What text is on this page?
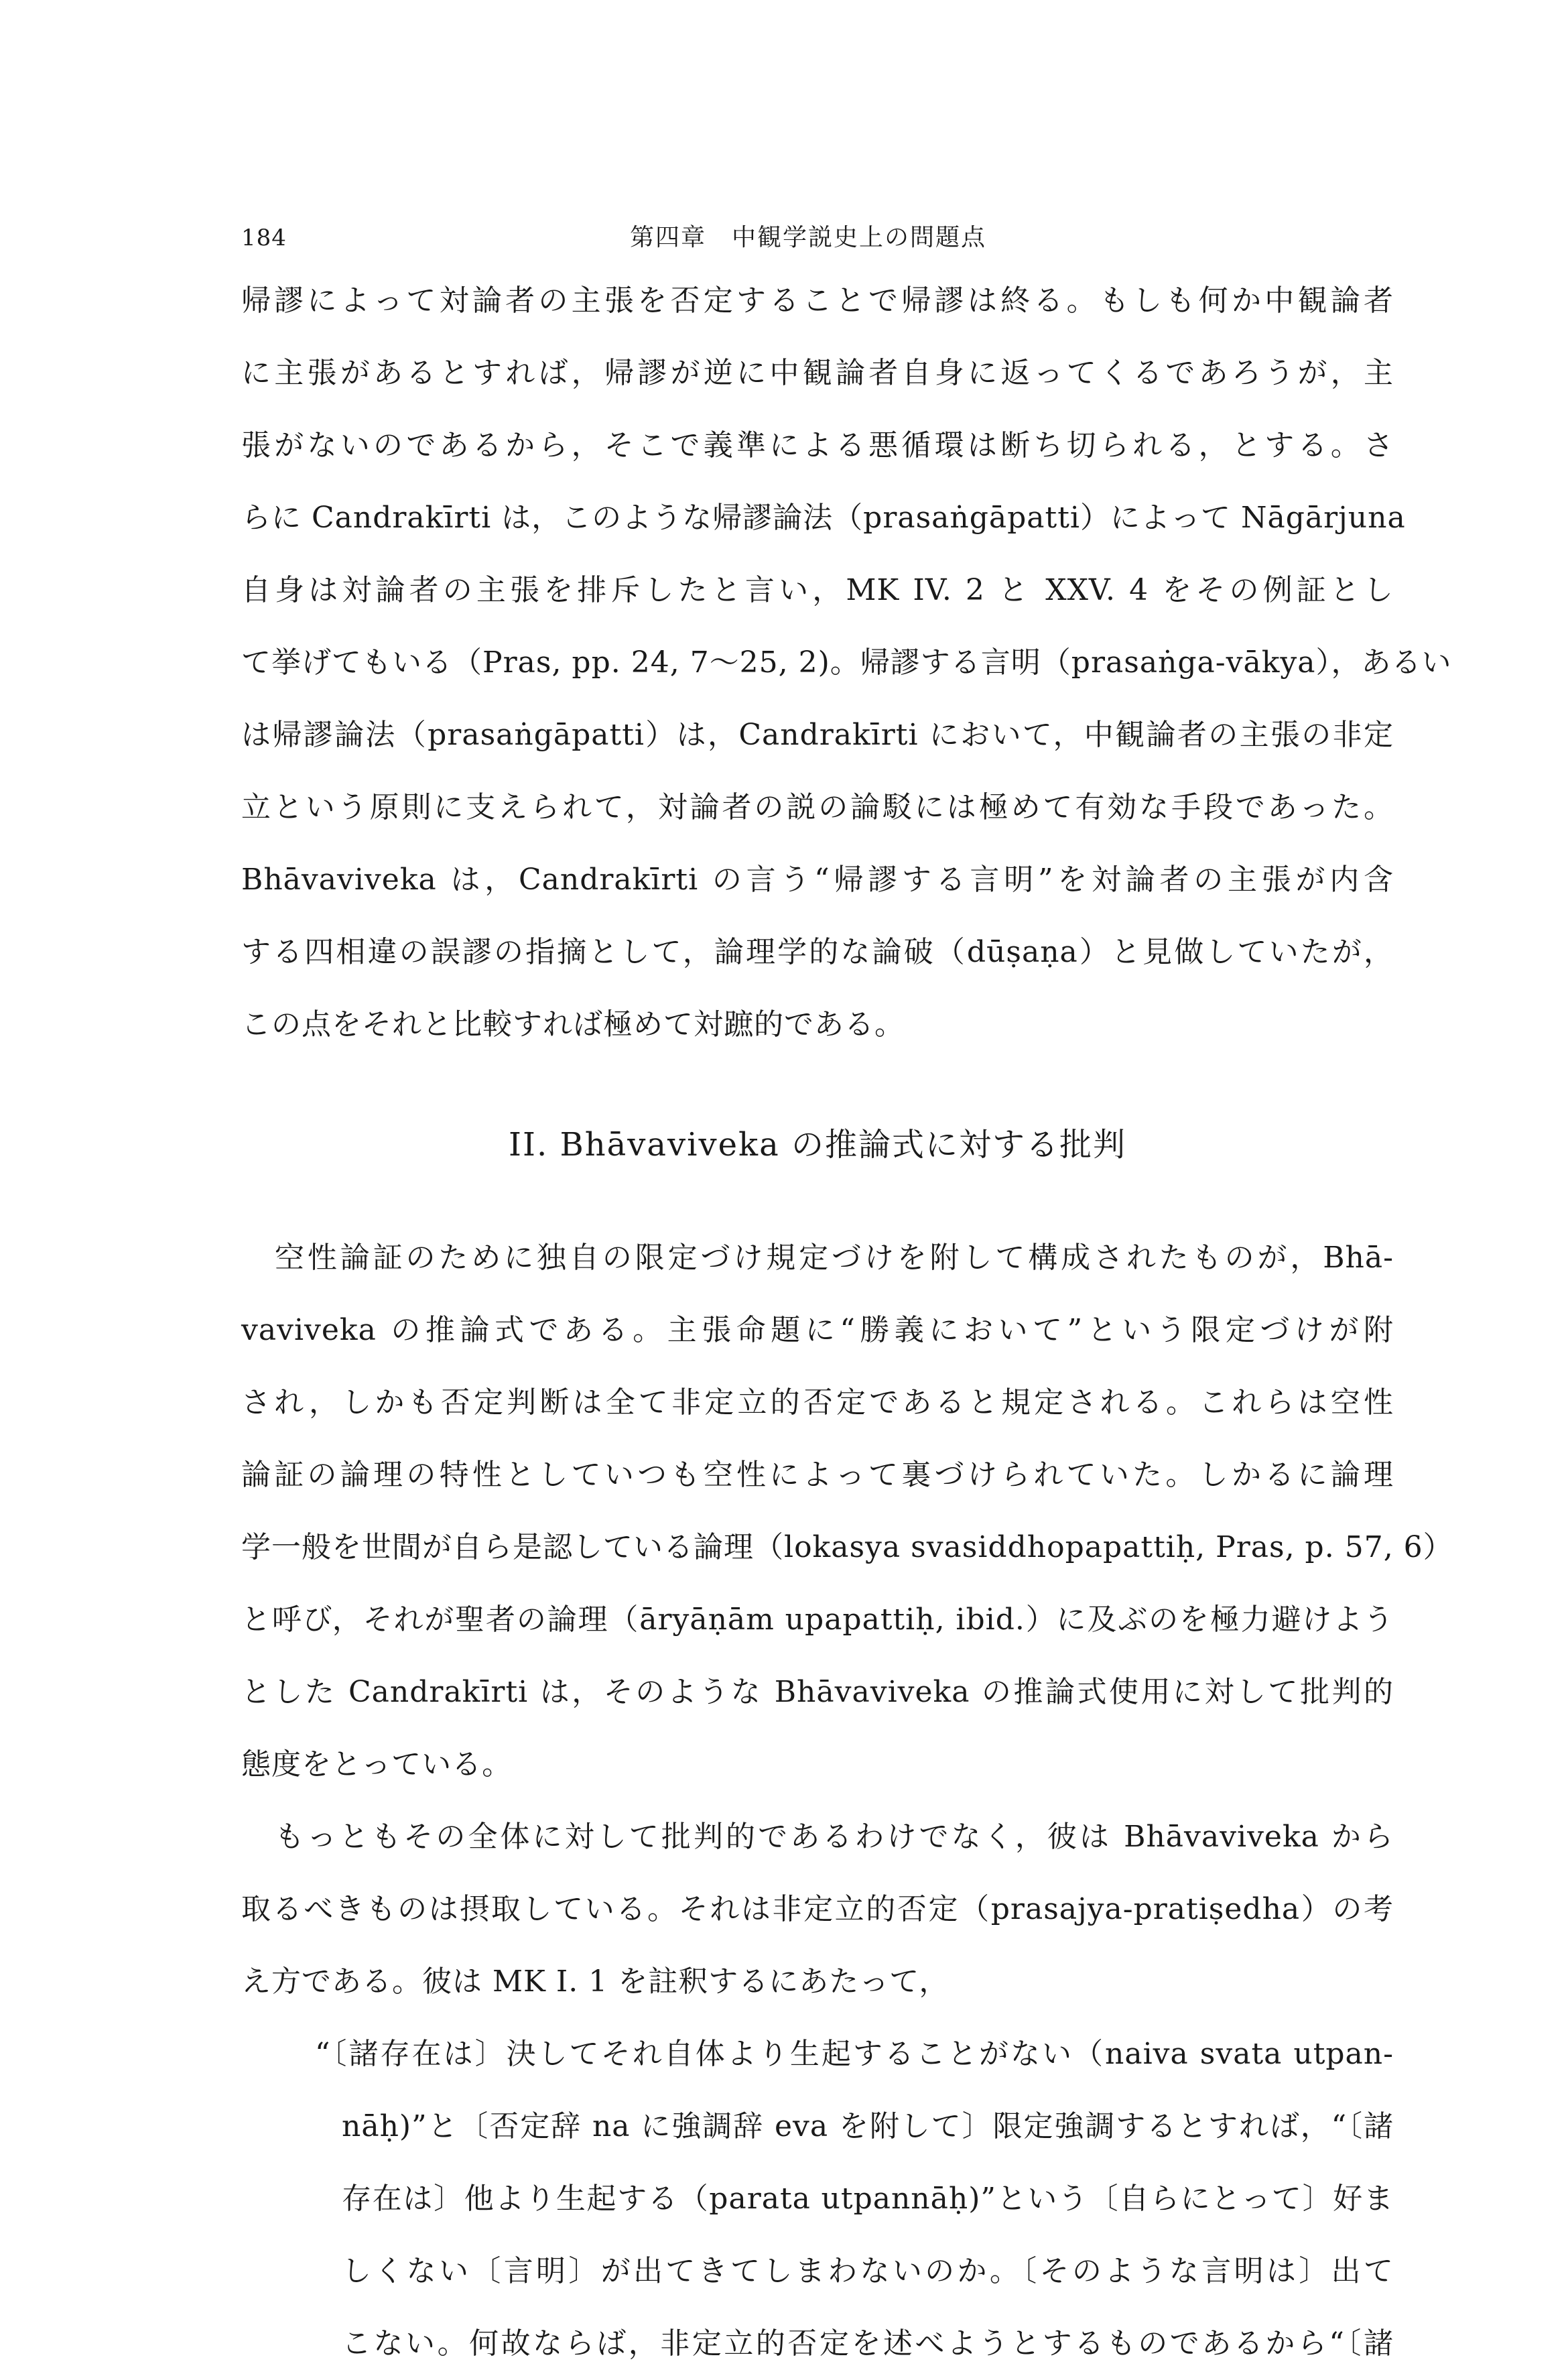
184	第四章　中観学説史上の問題点
帰謬によって対論者の主張を否定することで帰謬は終る。もしも何か中観論者
に主張があるとすれば，帰謬が逆に中観論者自身に返ってくるであろうが，主
張がないのであるから，そこで義準による悪循環は断ち切られる，とする。さ
らに Candrakīrti は，このような帰謬論法（prasaṅgāpatti）によって Nāgārjuna
自身は対論者の主張を排斥したと言い，MK IV. 2 と XXV. 4 をその例証とし
て挙げてもいる（Pras, pp. 24, 7〜25, 2)。帰謬する言明（prasaṅga-vākya），あるい
は帰謬論法（prasaṅgāpatti）は，Candrakīrti において，中観論者の主張の非定
立という原則に支えられて，対論者の説の論駁には極めて有効な手段であった。
Bhāvaviveka は，Candrakīrti の言う“帰謬する言明”を対論者の主張が内含
する四相違の誤謬の指摘として，論理学的な論破（dūṣaṇa）と見做していたが，
この点をそれと比較すれば極めて対蹠的である。
II. Bhāvaviveka の推論式に対する批判
空性論証のために独自の限定づけ規定づけを附して構成されたものが，Bhā-
vaviveka の推論式である。主張命題に“勝義において”という限定づけが附
され，しかも否定判断は全て非定立的否定であると規定される。これらは空性
論証の論理の特性としていつも空性によって裏づけられていた。しかるに論理
学一般を世間が自ら是認している論理（lokasya svasiddhopapattiḥ, Pras, p. 57, 6）
と呼び，それが聖者の論理（āryāṇām upapattiḥ, ibid.）に及ぶのを極力避けよう
とした Candrakīrti は，そのような Bhāvaviveka の推論式使用に対して批判的
態度をとっている。
もっともその全体に対して批判的であるわけでなく，彼は Bhāvaviveka から
取るべきものは摂取している。それは非定立的否定（prasajya-pratiṣedha）の考
え方である。彼は MK I. 1 を註釈するにあたって，
“〔諸存在は〕決してそれ自体より生起することがない（naiva svata utpan-
nāḥ)”と〔否定辞 na に強調辞 eva を附して〕限定強調するとすれば，“〔諸
存在は〕他より生起する（parata utpannāḥ)”という〔自らにとって〕好ま
しくない〔言明〕が出てきてしまわないのか。〔そのような言明は〕出て
こない。何故ならば，非定立的否定を述べようとするものであるから“〔諸
